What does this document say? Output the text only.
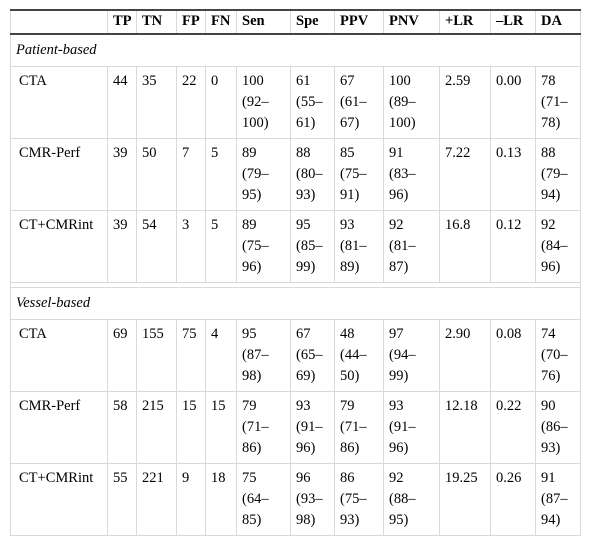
	TP	TN	FP	FN	Sen	Spe	PPV	PNV	+LR	–LR	DA
Patient-based											
CTA	44	35	22	0	100
(92–
100)	61
(55–
61)	67
(61–
67)	100
(89–
100)	2.59	0.00	78
(71–
78)

CMR-Perf	39	50	7	5	89
(79–
95)	88
(80–
93)	85
(75–
91)	91
(83–
96)	7.22	0.13	88
(79–
94)

CT+CMRint	39	54	3	5	89
(75–
96)	95
(85–
99)	93
(81–
89)	92
(81–
87)	16.8	0.12	92
(84–
96)

Vessel-based											
CTA	69	155	75	4	95
(87–
98)	67
(65–
69)	48
(44–
50)	97
(94–
99)	2.90	0.08	74
(70–
76)

CMR-Perf	58	215	15	15	79
(71–
86)	93
(91–
96)	79
(71–
86)	93
(91–
96)	12.18	0.22	90
(86–
93)

CT+CMRint	55	221	9	18	75
(64–
85)	96
(93–
98)	86
(75–
93)	92
(88–
95)	19.25	0.26	91
(87–
94)
